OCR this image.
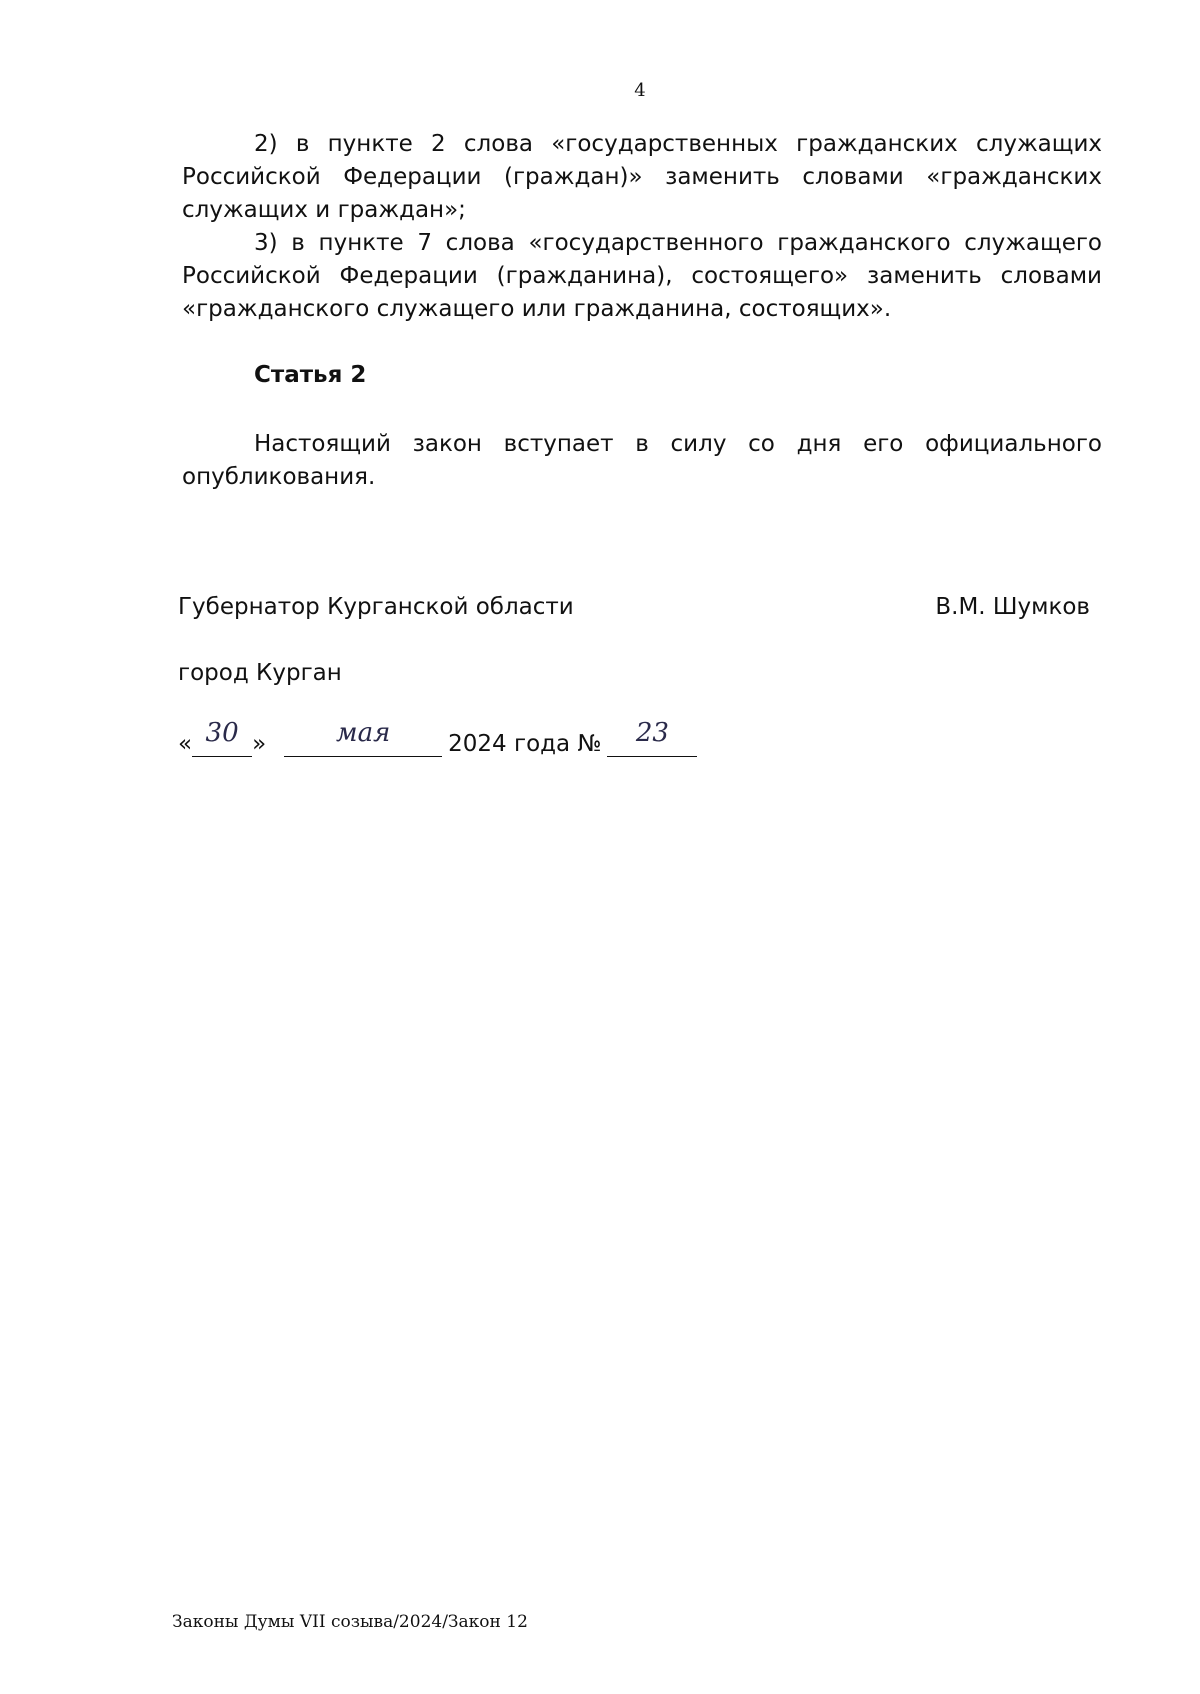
4

2) в пункте 2 слова «государственных гражданских служащих Российской Федерации (граждан)» заменить словами «гражданских служащих и граждан»;

3) в пункте 7 слова «государственного гражданского служащего Российской Федерации (гражданина), состоящего» заменить словами «гражданского служащего или гражданина, состоящих».

Статья 2

Настоящий закон вступает в силу со дня его официального опубликования.

Губернатор Курганской области	В.М. Шумков
город Курган
« 30 »	мая	2024 года № 23
Законы Думы VII созыва/2024/Закон 12
